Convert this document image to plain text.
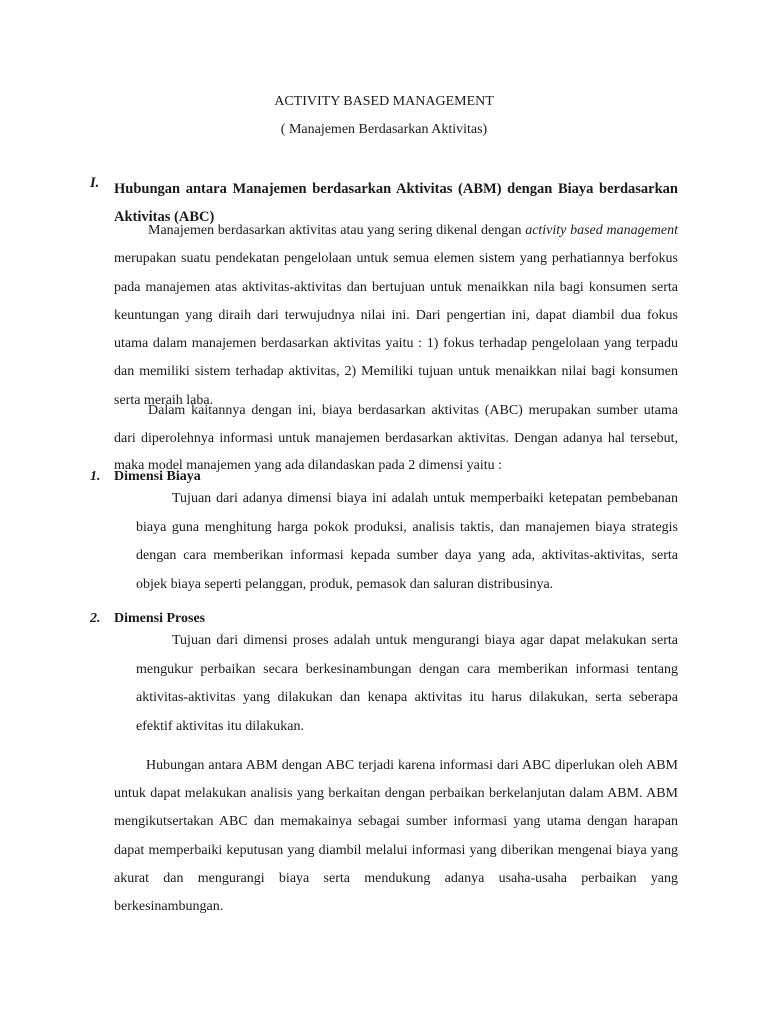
ACTIVITY BASED MANAGEMENT
( Manajemen Berdasarkan Aktivitas)
I. Hubungan antara Manajemen berdasarkan Aktivitas (ABM) dengan Biaya berdasarkan Aktivitas (ABC)

Manajemen berdasarkan aktivitas atau yang sering dikenal dengan activity based management merupakan suatu pendekatan pengelolaan untuk semua elemen sistem yang perhatiannya berfokus pada manajemen atas aktivitas-aktivitas dan bertujuan untuk menaikkan nila bagi konsumen serta keuntungan yang diraih dari terwujudnya nilai ini. Dari pengertian ini, dapat diambil dua fokus utama dalam manajemen berdasarkan aktivitas yaitu : 1) fokus terhadap pengelolaan yang terpadu dan memiliki sistem terhadap aktivitas, 2) Memiliki tujuan untuk menaikkan nilai bagi konsumen serta meraih laba.

Dalam kaitannya dengan ini, biaya berdasarkan aktivitas (ABC) merupakan sumber utama dari diperolehnya informasi untuk manajemen berdasarkan aktivitas. Dengan adanya hal tersebut, maka model manajemen yang ada dilandaskan pada 2 dimensi yaitu :

1. Dimensi Biaya

Tujuan dari adanya dimensi biaya ini adalah untuk memperbaiki ketepatan pembebanan biaya guna menghitung harga pokok produksi, analisis taktis, dan manajemen biaya strategis dengan cara memberikan informasi kepada sumber daya yang ada, aktivitas-aktivitas, serta objek biaya seperti pelanggan, produk, pemasok dan saluran distribusinya.

2. Dimensi Proses

Tujuan dari dimensi proses adalah untuk mengurangi biaya agar dapat melakukan serta mengukur perbaikan secara berkesinambungan dengan cara memberikan informasi tentang aktivitas-aktivitas yang dilakukan dan kenapa aktivitas itu harus dilakukan, serta seberapa efektif aktivitas itu dilakukan.

Hubungan antara ABM dengan ABC terjadi karena informasi dari ABC diperlukan oleh ABM untuk dapat melakukan analisis yang berkaitan dengan perbaikan berkelanjutan dalam ABM. ABM mengikutsertakan ABC dan memakainya sebagai sumber informasi yang utama dengan harapan dapat memperbaiki keputusan yang diambil melalui informasi yang diberikan mengenai biaya yang akurat dan mengurangi biaya serta mendukung adanya usaha-usaha perbaikan yang berkesinambungan.
